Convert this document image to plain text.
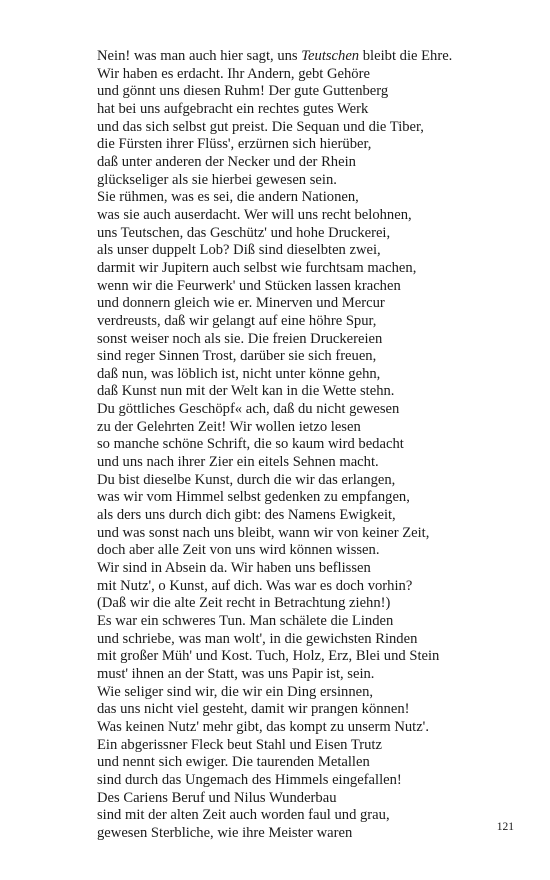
Nein! was man auch hier sagt, uns Teutschen bleibt die Ehre.
Wir haben es erdacht. Ihr Andern, gebt Gehöre
und gönnt uns diesen Ruhm! Der gute Guttenberg
hat bei uns aufgebracht ein rechtes gutes Werk
und das sich selbst gut preist. Die Sequan und die Tiber,
die Fürsten ihrer Flüss', erzürnen sich hierüber,
daß unter anderen der Necker und der Rhein
glückseliger als sie hierbei gewesen sein.
Sie rühmen, was es sei, die andern Nationen,
was sie auch auserdacht. Wer will uns recht belohnen,
uns Teutschen, das Geschütz' und hohe Druckerei,
als unser duppelt Lob? Diß sind dieselbten zwei,
darmit wir Jupitern auch selbst wie furchtsam machen,
wenn wir die Feurwerk' und Stücken lassen krachen
und donnern gleich wie er. Minerven und Mercur
verdreusts, daß wir gelangt auf eine höhre Spur,
sonst weiser noch als sie. Die freien Druckereien
sind reger Sinnen Trost, darüber sie sich freuen,
daß nun, was löblich ist, nicht unter könne gehn,
daß Kunst nun mit der Welt kan in die Wette stehn.
Du göttliches Geschöpf« ach, daß du nicht gewesen
zu der Gelehrten Zeit! Wir wollen ietzo lesen
so manche schöne Schrift, die so kaum wird bedacht
und uns nach ihrer Zier ein eitels Sehnen macht.
Du bist dieselbe Kunst, durch die wir das erlangen,
was wir vom Himmel selbst gedenken zu empfangen,
als ders uns durch dich gibt: des Namens Ewigkeit,
und was sonst nach uns bleibt, wann wir von keiner Zeit,
doch aber alle Zeit von uns wird können wissen.
Wir sind in Absein da. Wir haben uns beflissen
mit Nutz', o Kunst, auf dich. Was war es doch vorhin?
(Daß wir die alte Zeit recht in Betrachtung ziehn!)
Es war ein schweres Tun. Man schälete die Linden
und schriebe, was man wolt', in die gewichsten Rinden
mit großer Müh' und Kost. Tuch, Holz, Erz, Blei und Stein
must' ihnen an der Statt, was uns Papir ist, sein.
Wie seliger sind wir, die wir ein Ding ersinnen,
das uns nicht viel gesteht, damit wir prangen können!
Was keinen Nutz' mehr gibt, das kompt zu unserm Nutz'.
Ein abgerissner Fleck beut Stahl und Eisen Trutz
und nennt sich ewiger. Die taurenden Metallen
sind durch das Ungemach des Himmels eingefallen!
Des Cariens Beruf und Nilus Wunderbau
sind mit der alten Zeit auch worden faul und grau,
gewesen Sterbliche, wie ihre Meister waren	121
